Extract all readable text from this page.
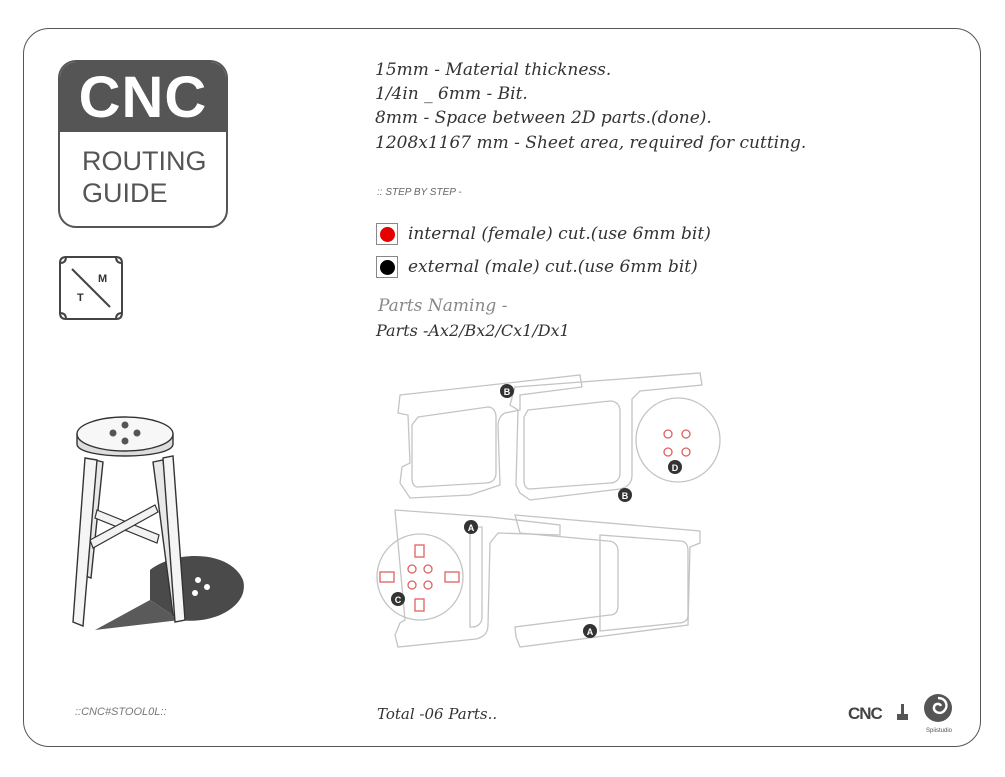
CNC
ROUTING
GUIDE
M
T
15mm - Material thickness.
1/4in _ 6mm - Bit.
8mm - Space between 2D parts.(done).
1208x1167 mm - Sheet area, required for cutting.
:: STEP BY STEP -
internal (female) cut.(use 6mm bit)
external (male) cut.(use 6mm bit)
Parts Naming -
Parts -Ax2/Bx2/Cx1/Dx1
B
B
D
A
C
A
::CNC#STOOL0L::	Total -06 Parts..	CNC
Spiistudio
